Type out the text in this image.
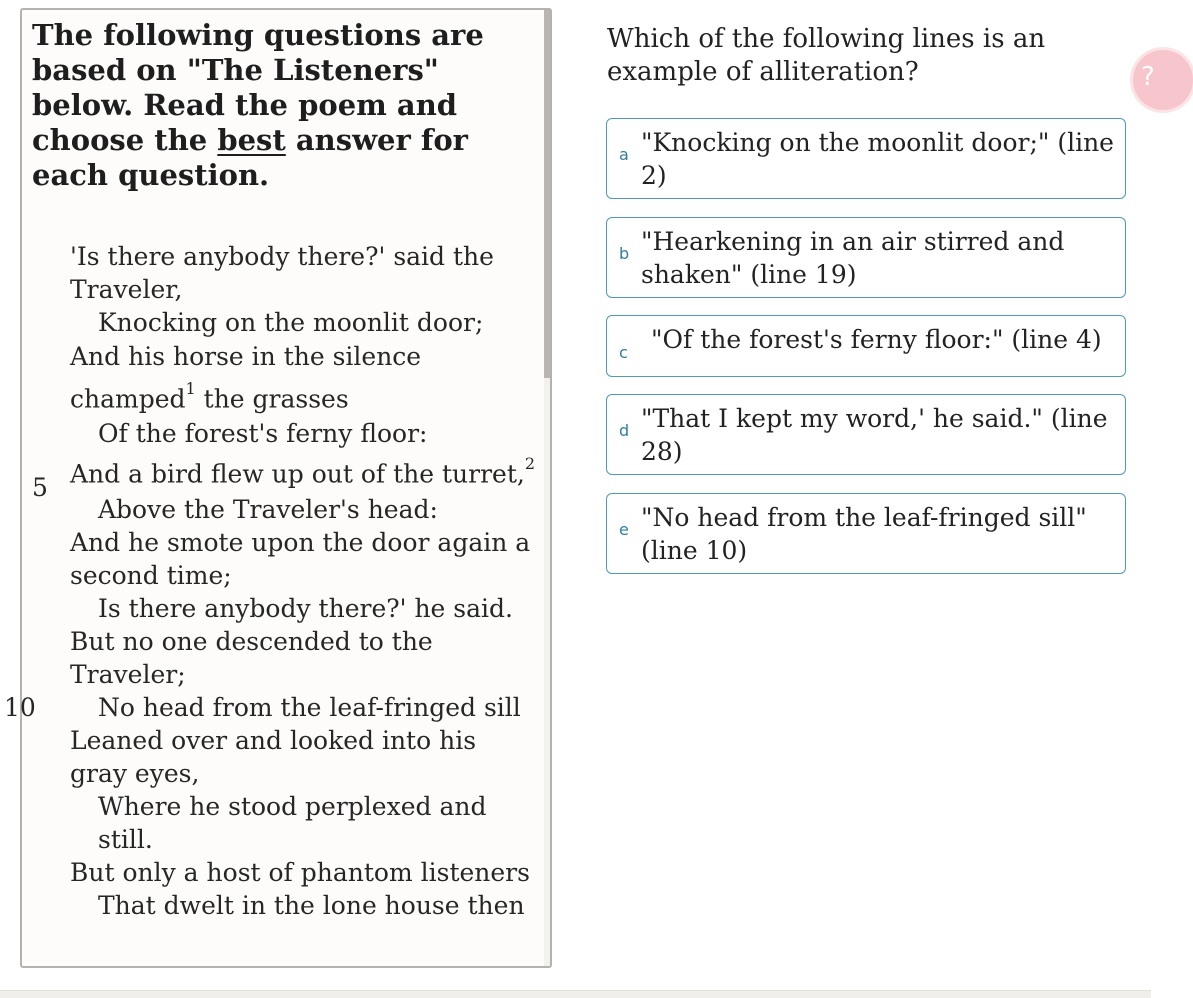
The following questions are based on "The Listeners" below. Read the poem and choose the best answer for each question.

'Is there anybody there?' said the Traveler,
Knocking on the moonlit door;
And his horse in the silence champed$^1$ the grasses
Of the forest's ferny floor:
5 And a bird flew up out of the turret,$^2$
Above the Traveler's head:
And he smote upon the door again a second time;
Is there anybody there?' he said.
But no one descended to the Traveler;
10 No head from the leaf-fringed sill
Leaned over and looked into his gray eyes,
Where he stood perplexed and still.
But only a host of phantom listeners
That dwelt in the lone house then
Which of the following lines is an example of alliteration?
a "Knocking on the moonlit door;" (line 2)
b "Hearkening in an air stirred and shaken" (line 19)
c "Of the forest's ferny floor:" (line 4)
d "That I kept my word,' he said." (line 28)
e "No head from the leaf-fringed sill" (line 10)
?
